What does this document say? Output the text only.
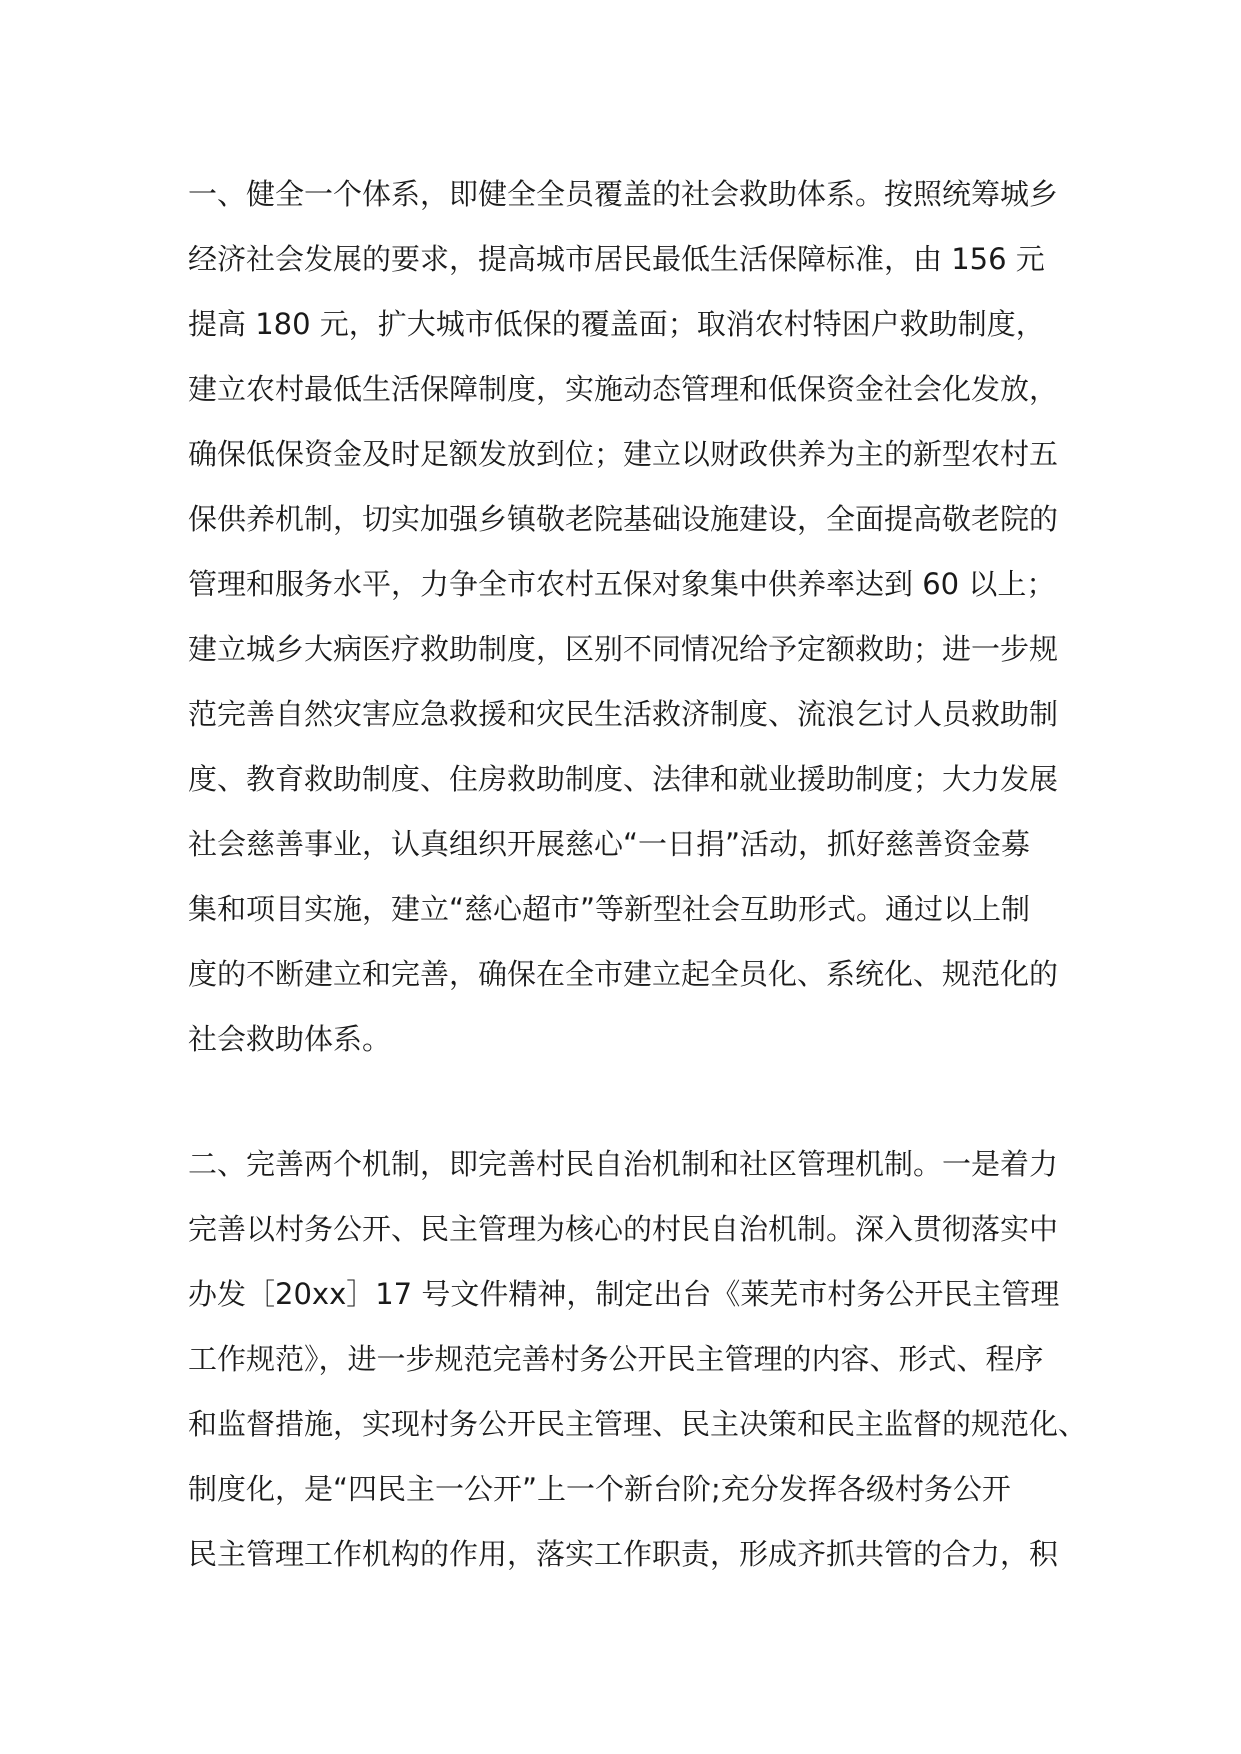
一、健全一个体系，即健全全员覆盖的社会救助体系。按照统筹城乡
经济社会发展的要求，提高城市居民最低生活保障标准，由 156 元
提高 180 元，扩大城市低保的覆盖面；取消农村特困户救助制度，
建立农村最低生活保障制度，实施动态管理和低保资金社会化发放，
确保低保资金及时足额发放到位；建立以财政供养为主的新型农村五
保供养机制，切实加强乡镇敬老院基础设施建设，全面提高敬老院的
管理和服务水平，力争全市农村五保对象集中供养率达到 60 以上；
建立城乡大病医疗救助制度，区别不同情况给予定额救助；进一步规
范完善自然灾害应急救援和灾民生活救济制度、流浪乞讨人员救助制
度、教育救助制度、住房救助制度、法律和就业援助制度；大力发展
社会慈善事业，认真组织开展慈心“一日捐”活动，抓好慈善资金募
集和项目实施，建立“慈心超市”等新型社会互助形式。通过以上制
度的不断建立和完善，确保在全市建立起全员化、系统化、规范化的
社会救助体系。
二、完善两个机制，即完善村民自治机制和社区管理机制。一是着力
完善以村务公开、民主管理为核心的村民自治机制。深入贯彻落实中
办发［20xx］17 号文件精神，制定出台《莱芜市村务公开民主管理
工作规范》，进一步规范完善村务公开民主管理的内容、形式、程序
和监督措施，实现村务公开民主管理、民主决策和民主监督的规范化、
制度化，是“四民主一公开”上一个新台阶;充分发挥各级村务公开
民主管理工作机构的作用，落实工作职责，形成齐抓共管的合力，积
